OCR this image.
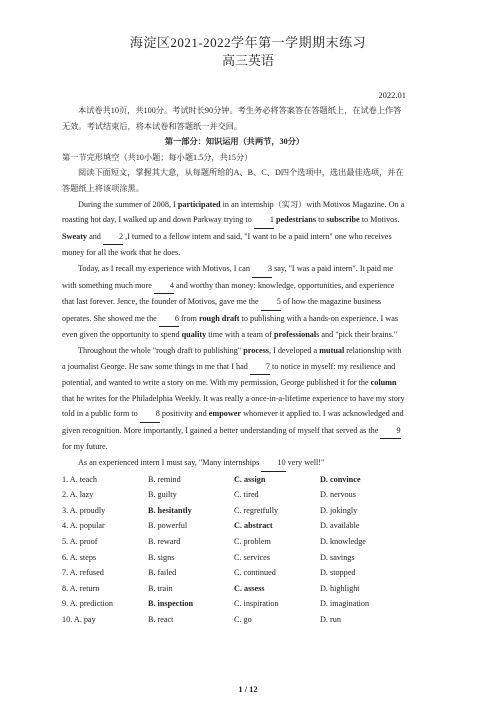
海淀区2021-2022学年第一学期期末练习
高三英语
2022.01

本试卷共10页，共100分。考试时长90分钟。考生务必将答案答在答题纸上，在试卷上作答无效。考试结束后，将本试卷和答题纸一并交回。

第一部分：知识运用（共两节，30分）

第一节完形填空（共10小题；每小题1.5分，共15分）

阅读下面短文，掌握其大意，从每题所给的A、B、C、D四个选项中，选出最佳选项，并在答题纸上将该项涂黑。

During the summer of 2008, I participated in an internship（实习）with Motivos Magazine. On a roasting hot day, I walked up and down Parkway trying to 1 pedestrians to subscribe to Motivos. Sweaty and 2 ,I turned to a fellow intern and said, "I want to be a paid intern" one who receives money for all the work that he does.

Today, as I recall my experience with Motivos, I can 3 say, "I was a paid intern". It paid me with something much more 4 and worthy than money: knowledge, opportunities, and experience that last forever. Jence, the founder of Motivos, gave me the 5 of how the magazine business operates. She showed me the 6 from rough draft to publishing with a hands-on experience. I was even given the opportunity to spend quality time with a team of professionals and "pick their brains."

Throughout the whole "rough draft to publishing" process, I developed a mutual relationship with a journalist George. He saw some things in me that I had 7 to notice in myself: my resilience and potential, and wanted to write a story on me. With my permission, George published it for the column that he writes for the Philadelphia Weekly. It was really a once-in-a-lifetime experience to have my story told in a public form to 8 positivity and empower whomever it applied to. I was acknowledged and given recognition. More importantly, I gained a better understanding of myself that served as the 9 for my future.

As an experienced intern I must say, "Many internships 10 very well!"

1. A. teach	B. remind	C. assign	D. convince
2. A. lazy	B. guilty	C. tired	D. nervous
3. A. proudly	B. hesitantly	C. regretfully	D. jokingly
4. A. popular	B. powerful	C. abstract	D. available
5. A. proof	B. reward	C. problem	D. knowledge
6. A. steps	B. signs	C. services	D. savings
7. A. refused	B. failed	C. continued	D. stopped
8. A. return	B. train	C. assess	D. highlight
9. A. prediction	B. inspection	C. inspiration	D. imagination
10. A. pay	B. react	C. go	D. run
1 / 12
